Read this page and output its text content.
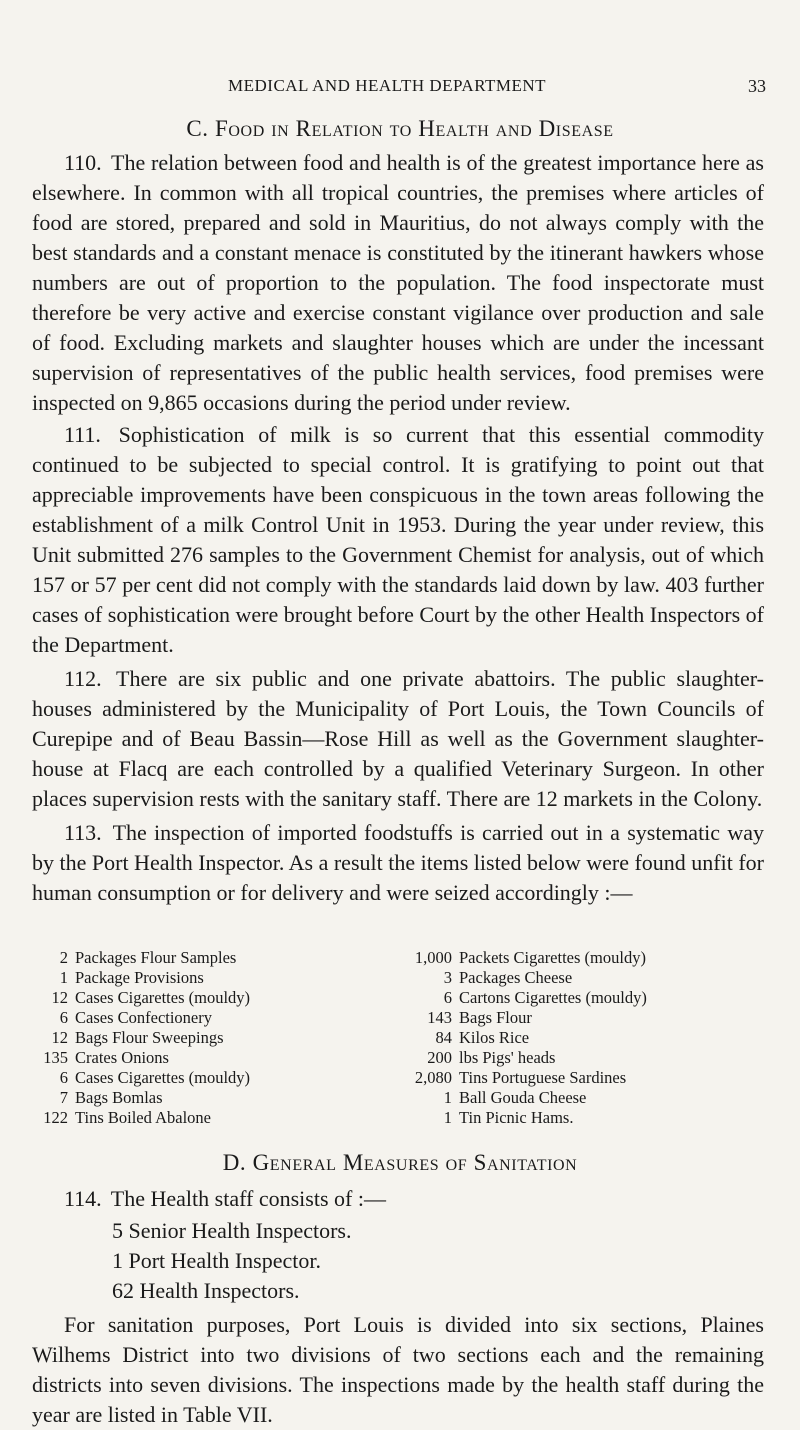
MEDICAL AND HEALTH DEPARTMENT	33
C. Food in Relation to Health and Disease

110. The relation between food and health is of the greatest importance here as elsewhere. In common with all tropical countries, the premises where articles of food are stored, prepared and sold in Mauritius, do not always comply with the best standards and a constant menace is constituted by the itinerant hawkers whose numbers are out of proportion to the population. The food inspectorate must therefore be very active and exercise constant vigilance over production and sale of food. Excluding markets and slaughter houses which are under the incessant supervision of representatives of the public health services, food premises were inspected on 9,865 occasions during the period under review.

111. Sophistication of milk is so current that this essential commodity continued to be subjected to special control. It is gratifying to point out that appreciable improvements have been conspicuous in the town areas following the establishment of a milk Control Unit in 1953. During the year under review, this Unit submitted 276 samples to the Government Chemist for analysis, out of which 157 or 57 per cent did not comply with the standards laid down by law. 403 further cases of sophistication were brought before Court by the other Health Inspectors of the Department.

112. There are six public and one private abattoirs. The public slaughter-houses administered by the Municipality of Port Louis, the Town Councils of Curepipe and of Beau Bassin—Rose Hill as well as the Government slaughter-house at Flacq are each controlled by a qualified Veterinary Surgeon. In other places supervision rests with the sanitary staff. There are 12 markets in the Colony.

113. The inspection of imported foodstuffs is carried out in a systematic way by the Port Health Inspector. As a result the items listed below were found unfit for human consumption or for delivery and were seized accordingly :—

2 Packages Flour Samples
1 Package Provisions
12 Cases Cigarettes (mouldy)
6 Cases Confectionery
12 Bags Flour Sweepings
135 Crates Onions
6 Cases Cigarettes (mouldy)
7 Bags Bomlas
122 Tins Boiled Abalone
1,000 Packets Cigarettes (mouldy)
3 Packages Cheese
6 Cartons Cigarettes (mouldy)
143 Bags Flour
84 Kilos Rice
200 lbs Pigs' heads
2,080 Tins Portuguese Sardines
1 Ball Gouda Cheese
1 Tin Picnic Hams.
D. General Measures of Sanitation

114. The Health staff consists of :—

5 Senior Health Inspectors.
1 Port Health Inspector.
62 Health Inspectors.

For sanitation purposes, Port Louis is divided into six sections, Plaines Wilhems District into two divisions of two sections each and the remaining districts into seven divisions. The inspections made by the health staff during the year are listed in Table VII.
